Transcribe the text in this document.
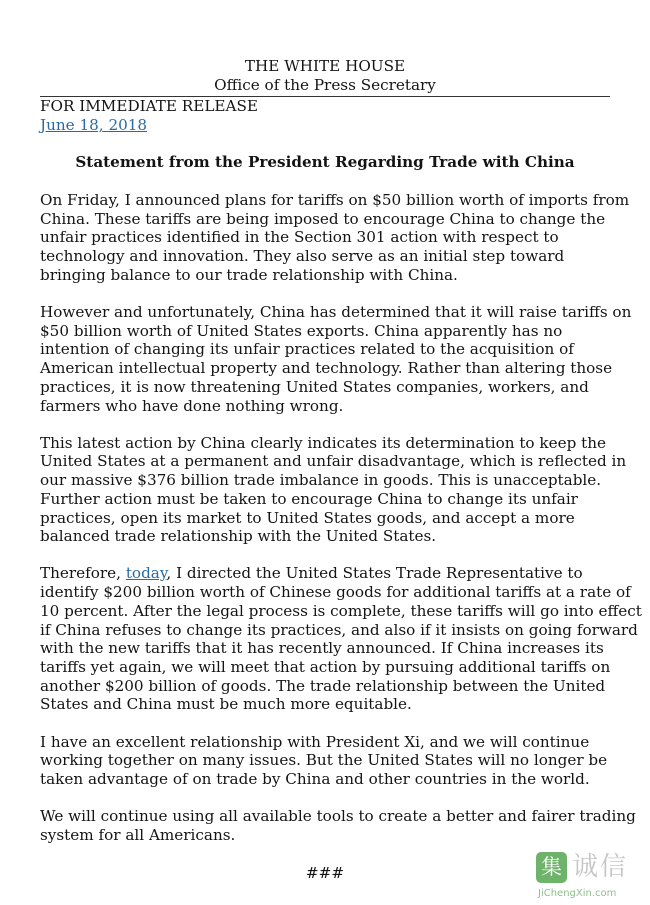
THE WHITE HOUSE
Office of the Press Secretary
FOR IMMEDIATE RELEASE
June 18, 2018
Statement from the President Regarding Trade with China
On Friday, I announced plans for tariffs on $50 billion worth of imports from
China. These tariffs are being imposed to encourage China to change the
unfair practices identified in the Section 301 action with respect to
technology and innovation. They also serve as an initial step toward
bringing balance to our trade relationship with China.
However and unfortunately, China has determined that it will raise tariffs on
$50 billion worth of United States exports. China apparently has no
intention of changing its unfair practices related to the acquisition of
American intellectual property and technology. Rather than altering those
practices, it is now threatening United States companies, workers, and
farmers who have done nothing wrong.
This latest action by China clearly indicates its determination to keep the
United States at a permanent and unfair disadvantage, which is reflected in
our massive $376 billion trade imbalance in goods. This is unacceptable.
Further action must be taken to encourage China to change its unfair
practices, open its market to United States goods, and accept a more
balanced trade relationship with the United States.
Therefore, today, I directed the United States Trade Representative to
identify $200 billion worth of Chinese goods for additional tariffs at a rate of
10 percent. After the legal process is complete, these tariffs will go into effect
if China refuses to change its practices, and also if it insists on going forward
with the new tariffs that it has recently announced. If China increases its
tariffs yet again, we will meet that action by pursuing additional tariffs on
another $200 billion of goods. The trade relationship between the United
States and China must be much more equitable.
I have an excellent relationship with President Xi, and we will continue
working together on many issues. But the United States will no longer be
taken advantage of on trade by China and other countries in the world.
We will continue using all available tools to create a better and fairer trading
system for all Americans.
###	集 诚信
JiChengXin.com
